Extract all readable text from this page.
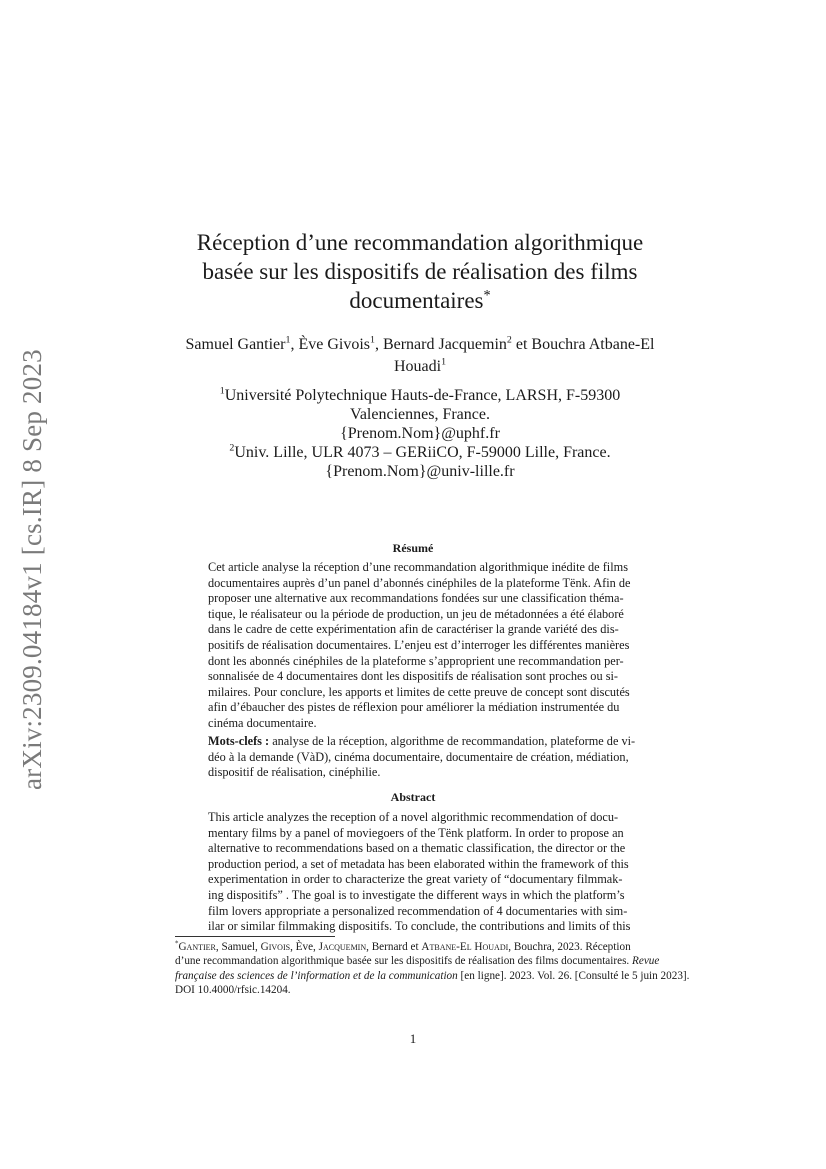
arXiv:2309.04184v1 [cs.IR] 8 Sep 2023
Réception d’une recommandation algorithmique
basée sur les dispositifs de réalisation des films
documentaires*
Samuel Gantier$^1$, Ève Givois$^1$, Bernard Jacquemin$^2$ et Bouchra Atbane-El Houadi$^1$
$^1$Université Polytechnique Hauts-de-France, LARSH, F-59300
Valenciennes, France.
{Prenom.Nom}@uphf.fr
$^2$Univ. Lille, ULR 4073 – GERiiCO, F-59000 Lille, France.
{Prenom.Nom}@univ-lille.fr
Résumé
Cet article analyse la réception d’une recommandation algorithmique inédite de films
documentaires auprès d’un panel d’abonnés cinéphiles de la plateforme Tënk. Afin de
proposer une alternative aux recommandations fondées sur une classification théma-
tique, le réalisateur ou la période de production, un jeu de métadonnées a été élaboré
dans le cadre de cette expérimentation afin de caractériser la grande variété des dis-
positifs de réalisation documentaires. L’enjeu est d’interroger les différentes manières
dont les abonnés cinéphiles de la plateforme s’approprient une recommandation per-
sonnalisée de 4 documentaires dont les dispositifs de réalisation sont proches ou si-
milaires. Pour conclure, les apports et limites de cette preuve de concept sont discutés
afin d’ébaucher des pistes de réflexion pour améliorer la médiation instrumentée du
cinéma documentaire.
Mots-clefs : analyse de la réception, algorithme de recommandation, plateforme de vi-
déo à la demande (VàD), cinéma documentaire, documentaire de création, médiation,
dispositif de réalisation, cinéphilie.
Abstract
This article analyzes the reception of a novel algorithmic recommendation of docu-
mentary films by a panel of moviegoers of the Tënk platform. In order to propose an
alternative to recommendations based on a thematic classification, the director or the
production period, a set of metadata has been elaborated within the framework of this
experimentation in order to characterize the great variety of “documentary filmmak-
ing dispositifs” . The goal is to investigate the different ways in which the platform’s
film lovers appropriate a personalized recommendation of 4 documentaries with sim-
ilar or similar filmmaking dispositifs. To conclude, the contributions and limits of this
*Gantier, Samuel, Givois, Ève, Jacquemin, Bernard et Atbane-El Houadi, Bouchra, 2023. Réception
d’une recommandation algorithmique basée sur les dispositifs de réalisation des films documentaires. Revue
française des sciences de l’information et de la communication [en ligne]. 2023. Vol. 26. [Consulté le 5 juin 2023].
DOI 10.4000/rfsic.14204.
1
